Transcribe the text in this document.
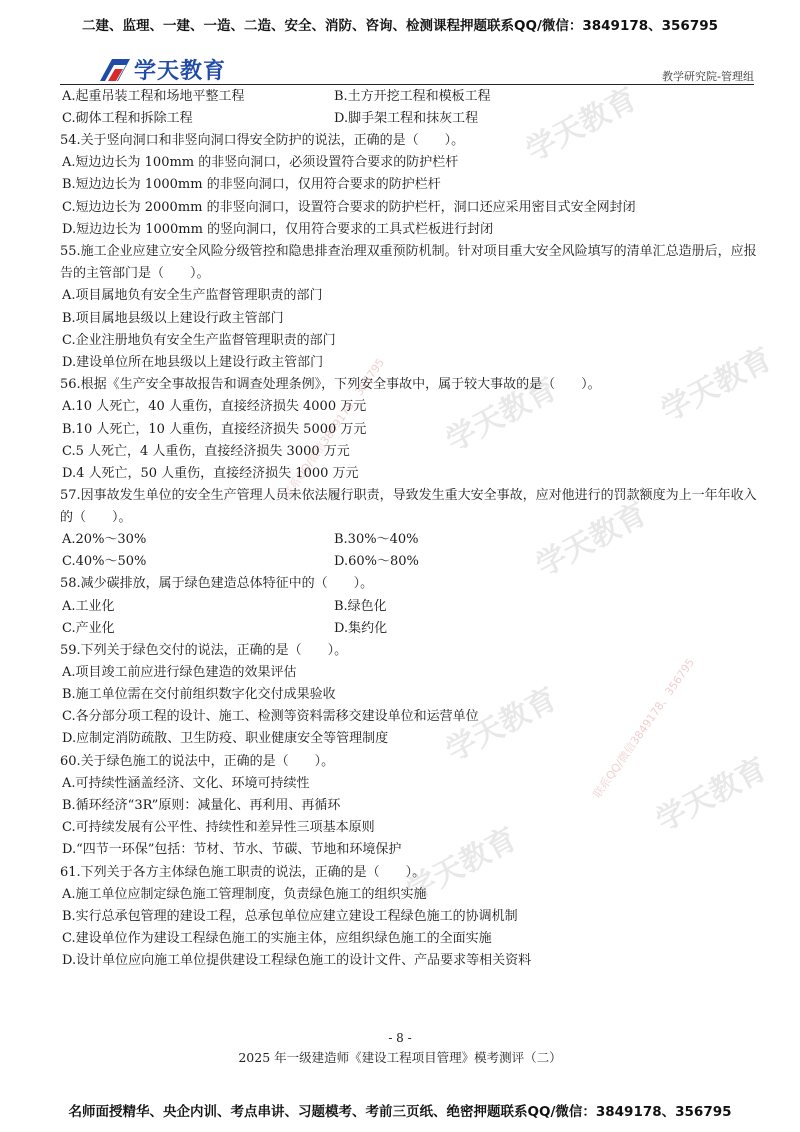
二建、监理、一建、一造、二造、安全、消防、咨询、检测课程押题联系QQ/微信：3849178、356795
学天教育	教学研究院-管理组
学天教育	学天教育
学天教育
学天教育
学天教育
学天教育
学天教育
联系QQ/微信3849178、356795
联系QQ/微信3849178、356795
A.起重吊装工程和场地平整工程	B.土方开挖工程和模板工程
C.砌体工程和拆除工程	D.脚手架工程和抹灰工程
54.关于竖向洞口和非竖向洞口得安全防护的说法，正确的是（　　）。
A.短边边长为 100mm 的非竖向洞口，必须设置符合要求的防护栏杆
B.短边边长为 1000mm 的非竖向洞口，仅用符合要求的防护栏杆
C.短边边长为 2000mm 的非竖向洞口，设置符合要求的防护栏杆，洞口还应采用密目式安全网封闭
D.短边边长为 1000mm 的竖向洞口，仅用符合要求的工具式栏板进行封闭
55.施工企业应建立安全风险分级管控和隐患排查治理双重预防机制。针对项目重大安全风险填写的清单汇总造册后，应报告的主管部门是（　　）。
A.项目属地负有安全生产监督管理职责的部门
B.项目属地县级以上建设行政主管部门
C.企业注册地负有安全生产监督管理职责的部门
D.建设单位所在地县级以上建设行政主管部门
56.根据《生产安全事故报告和调查处理条例》，下列安全事故中，属于较大事故的是（　　）。
A.10 人死亡，40 人重伤，直接经济损失 4000 万元
B.10 人死亡，10 人重伤，直接经济损失 5000 万元
C.5 人死亡，4 人重伤，直接经济损失 3000 万元
D.4 人死亡，50 人重伤，直接经济损失 1000 万元
57.因事故发生单位的安全生产管理人员未依法履行职责，导致发生重大安全事故，应对他进行的罚款额度为上一年年收入的（　　）。
A.20%～30%	B.30%～40%
C.40%～50%	D.60%～80%
58.减少碳排放，属于绿色建造总体特征中的（　　）。
A.工业化	B.绿色化
C.产业化	D.集约化
59.下列关于绿色交付的说法，正确的是（　　）。
A.项目竣工前应进行绿色建造的效果评估
B.施工单位需在交付前组织数字化交付成果验收
C.各分部分项工程的设计、施工、检测等资料需移交建设单位和运营单位
D.应制定消防疏散、卫生防疫、职业健康安全等管理制度
60.关于绿色施工的说法中，正确的是（　　）。
A.可持续性涵盖经济、文化、环境可持续性
B.循环经济“3R”原则：减量化、再利用、再循环
C.可持续发展有公平性、持续性和差异性三项基本原则
D.“四节一环保”包括：节材、节水、节碳、节地和环境保护
61.下列关于各方主体绿色施工职责的说法，正确的是（　　）。
A.施工单位应制定绿色施工管理制度，负责绿色施工的组织实施
B.实行总承包管理的建设工程，总承包单位应建立建设工程绿色施工的协调机制
C.建设单位作为建设工程绿色施工的实施主体，应组织绿色施工的全面实施
D.设计单位应向施工单位提供建设工程绿色施工的设计文件、产品要求等相关资料
- 8 -
2025 年一级建造师《建设工程项目管理》模考测评（二）
名师面授精华、央企内训、考点串讲、习题模考、考前三页纸、绝密押题联系QQ/微信：3849178、356795
